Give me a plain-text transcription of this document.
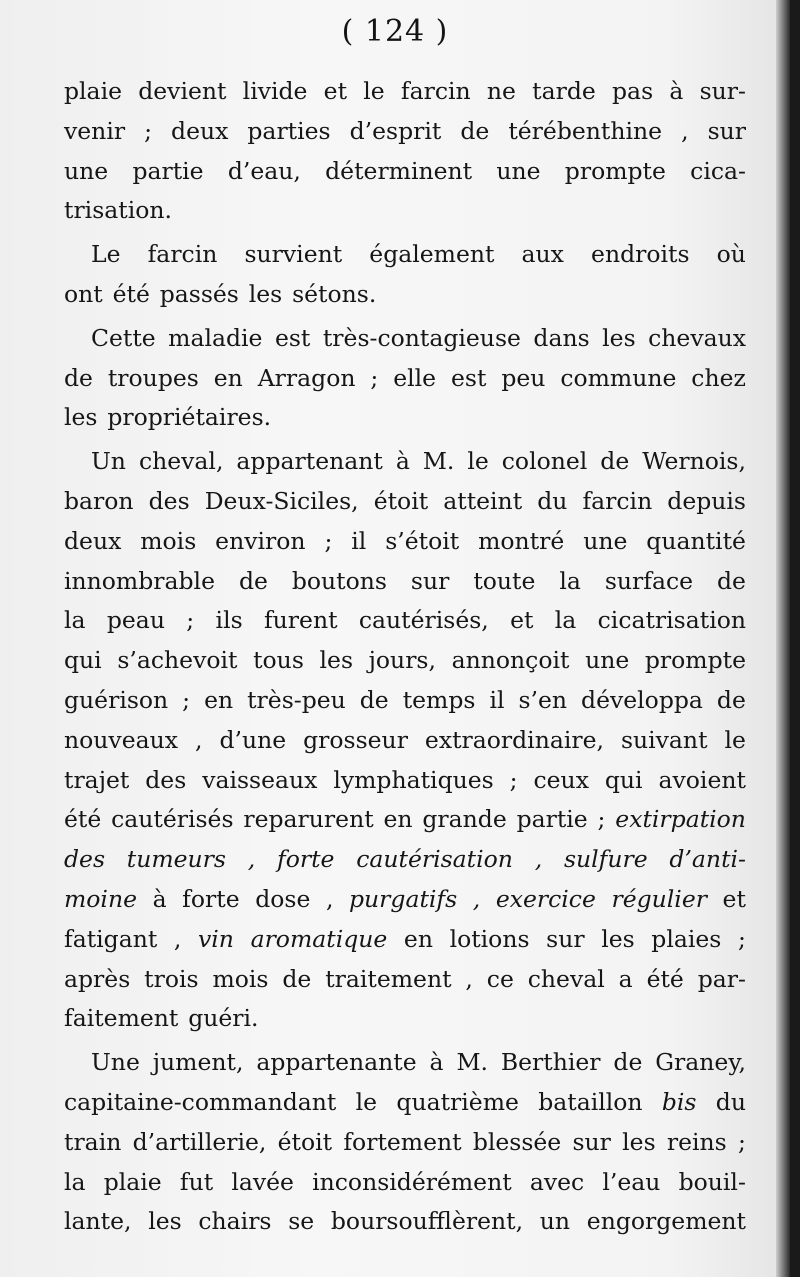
( 124 )
plaie devient livide et le farcin ne tarde pas à sur-
venir ; deux parties d’esprit de térébenthine , sur
une partie d’eau, déterminent une prompte cica-
trisation.
Le farcin survient également aux endroits où
ont été passés les sétons.
Cette maladie est très-contagieuse dans les chevaux
de troupes en Arragon ; elle est peu commune chez
les propriétaires.
Un cheval, appartenant à M. le colonel de Wernois,
baron des Deux-Siciles, étoit atteint du farcin depuis
deux mois environ ; il s’étoit montré une quantité
innombrable de boutons sur toute la surface de
la peau ; ils furent cautérisés, et la cicatrisation
qui s’achevoit tous les jours, annonçoit une prompte
guérison ; en très-peu de temps il s’en développa de
nouveaux , d’une grosseur extraordinaire, suivant le
trajet des vaisseaux lymphatiques ; ceux qui avoient
été cautérisés reparurent en grande partie ; extirpation
des tumeurs , forte cautérisation , sulfure d’anti-
moine à forte dose , purgatifs , exercice régulier et
fatigant , vin aromatique en lotions sur les plaies ;
après trois mois de traitement , ce cheval a été par-
faitement guéri.
Une jument, appartenante à M. Berthier de Graney,
capitaine-commandant le quatrième bataillon bis du
train d’artillerie, étoit fortement blessée sur les reins ;
la plaie fut lavée inconsidérément avec l’eau bouil-
lante, les chairs se boursoufflèrent, un engorgement
